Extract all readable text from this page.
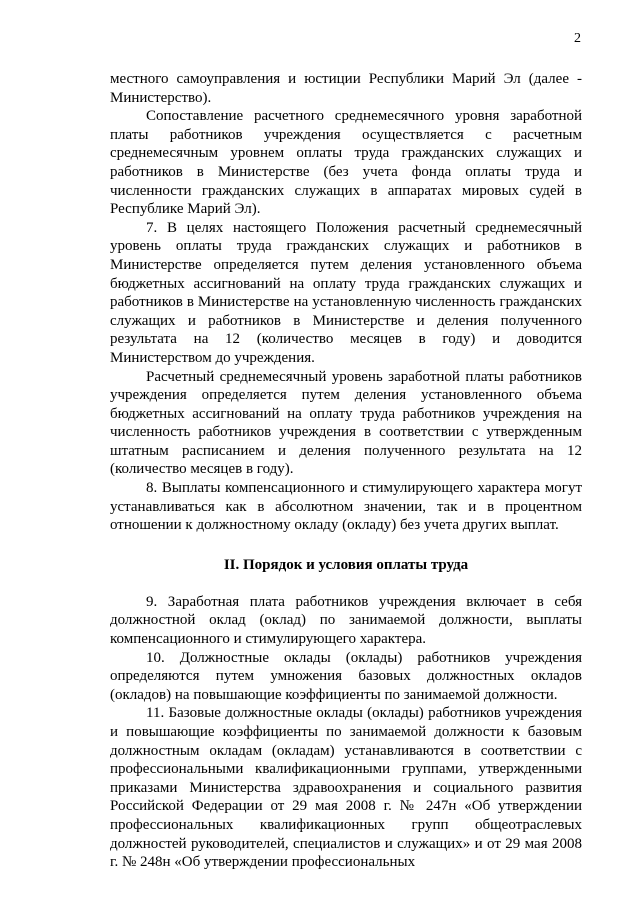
2

местного самоуправления и юстиции Республики Марий Эл (далее - Министерство).

Сопоставление расчетного среднемесячного уровня заработной платы работников учреждения осуществляется с расчетным среднемесячным уровнем оплаты труда гражданских служащих и работников в Министерстве (без учета фонда оплаты труда и численности гражданских служащих в аппаратах мировых судей в Республике Марий Эл).

7. В целях настоящего Положения расчетный среднемесячный уровень оплаты труда гражданских служащих и работников в Министерстве определяется путем деления установленного объема бюджетных ассигнований на оплату труда гражданских служащих и работников в Министерстве на установленную численность гражданских служащих и работников в Министерстве и деления полученного результата на 12 (количество месяцев в году) и доводится Министерством до учреждения.

Расчетный среднемесячный уровень заработной платы работников учреждения определяется путем деления установленного объема бюджетных ассигнований на оплату труда работников учреждения на численность работников учреждения в соответствии с утвержденным штатным расписанием и деления полученного результата на 12 (количество месяцев в году).

8. Выплаты компенсационного и стимулирующего характера могут устанавливаться как в абсолютном значении, так и в процентном отношении к должностному окладу (окладу) без учета других выплат.

II. Порядок и условия оплаты труда

9. Заработная плата работников учреждения включает в себя должностной оклад (оклад) по занимаемой должности, выплаты компенсационного и стимулирующего характера.

10. Должностные оклады (оклады) работников учреждения определяются путем умножения базовых должностных окладов (окладов) на повышающие коэффициенты по занимаемой должности.

11. Базовые должностные оклады (оклады) работников учреждения и повышающие коэффициенты по занимаемой должности к базовым должностным окладам (окладам) устанавливаются в соответствии с профессиональными квалификационными группами, утвержденными приказами Министерства здравоохранения и социального развития Российской Федерации от 29 мая 2008 г. № 247н «Об утверждении профессиональных квалификационных групп общеотраслевых должностей руководителей, специалистов и служащих» и от 29 мая 2008 г. № 248н «Об утверждении профессиональных
